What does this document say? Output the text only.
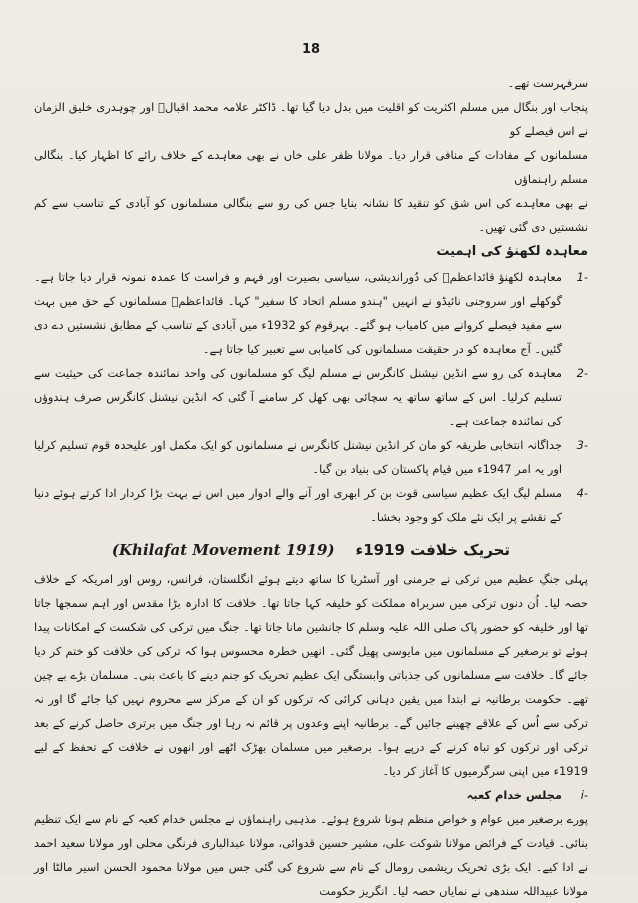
18

سرفہرست تھے۔

پنجاب اور بنگال میں مسلم اکثریت کو اقلیت میں بدل دیا گیا تھا۔ ڈاکٹر علامہ محمد اقبالؒ اور چوہدری خلیق الزمان نے اس فیصلے کو

مسلمانوں کے مفادات کے منافی قرار دیا۔ مولانا ظفر علی خاں نے بھی معاہدے کے خلاف رائے کا اظہار کیا۔ بنگالی مسلم راہنماؤں

نے بھی معاہدے کی اس شق کو تنقید کا نشانہ بنایا جس کی رو سے بنگالی مسلمانوں کو آبادی کے تناسب سے کم نشستیں دی گئی تھیں۔

معاہدہ لکھنؤ کی اہمیت
-1
معاہدہ لکھنؤ قائداعظمؒ کی دُوراندیشی، سیاسی بصیرت اور فہم و فراست کا عمدہ نمونہ قرار دیا جاتا ہے۔ گوکھلے اور سروجنی نائیڈو نے انہیں "ہندو مسلم اتحاد کا سفیر" کہا۔ قائداعظمؒ مسلمانوں کے حق میں بہت سے مفید فیصلے کروانے میں کامیاب ہو گئے۔ بہرقوم کو 1932ء میں آبادی کے تناسب کے مطابق نشستیں دے دی گئیں۔ آج معاہدہ کو در حقیقت مسلمانوں کی کامیابی سے تعبیر کیا جاتا ہے۔
-2
معاہدہ کی رو سے انڈین نیشنل کانگرس نے مسلم لیگ کو مسلمانوں کی واحد نمائندہ جماعت کی حیثیت سے تسلیم کرلیا۔ اس کے ساتھ ساتھ یہ سچائی بھی کھل کر سامنے آ گئی کہ انڈین نیشنل کانگرس صرف ہندوؤں کی نمائندہ جماعت ہے۔
-3
جداگانہ انتخابی طریقہ کو مان کر انڈین نیشنل کانگرس نے مسلمانوں کو ایک مکمل اور علیحدہ قوم تسلیم کرلیا اور یہ امر 1947ء میں قیام پاکستان کی بنیاد بن گیا۔
-4
مسلم لیگ ایک عظیم سیاسی قوت بن کر ابھری اور آنے والے ادوار میں اس نے بہت بڑا کردار ادا کرتے ہوئے دنیا کے نقشے پر ایک نئے ملک کو وجود بخشا۔
(Khilafat Movement 1919) تحریک خلافت 1919ء

پہلی جنگِ عظیم میں ترکی نے جرمنی اور آسٹریا کا ساتھ دیتے ہوئے انگلستان، فرانس، روس اور امریکہ کے خلاف حصہ لیا۔ اُن دنوں ترکی میں سربراہ مملکت کو خلیفہ کہا جاتا تھا۔ خلافت کا ادارہ بڑا مقدس اور اہم سمجھا جاتا تھا اور خلیفہ کو حضور پاک صلی اللہ علیہ وسلم کا جانشین مانا جاتا تھا۔ جنگ میں ترکی کی شکست کے امکانات پیدا ہوئے تو برصغیر کے مسلمانوں میں مایوسی پھیل گئی۔ انھیں خطرہ محسوس ہوا کہ ترکی کی خلافت کو ختم کر دیا جائے گا۔ خلافت سے مسلمانوں کی جذباتی وابستگی ایک عظیم تحریک کو جنم دینے کا باعث بنی۔ مسلمان بڑے بے چین تھے۔ حکومت برطانیہ نے ابتدا میں یقین دہانی کرائی کہ ترکوں کو ان کے مرکز سے محروم نہیں کیا جائے گا اور نہ ترکی سے اُس کے علاقے چھینے جائیں گے۔ برطانیہ اپنے وعدوں پر قائم نہ رہا اور جنگ میں برتری حاصل کرنے کے بعد ترکی اور ترکوں کو تباہ کرنے کے درپے ہوا۔ برصغیر میں مسلمان بھڑک اٹھے اور انھوں نے خلافت کے تحفظ کے لیے 1919ء میں اپنی سرگرمیوں کا آغاز کر دیا۔

-i
مجلس خدام کعبہ

پورے برصغیر میں عوام و خواص منظم ہونا شروع ہوئے۔ مذہبی راہنماؤں نے مجلس خدام کعبہ کے نام سے ایک تنظیم بنائی۔ قیادت کے فرائض مولانا شوکت علی، مشیر حسین قدوائی، مولانا عبدالباری فرنگی محلی اور مولانا سعید احمد نے ادا کیے۔ ایک بڑی تحریک ریشمی رومال کے نام سے شروع کی گئی جس میں مولانا محمود الحسن اسیر مالٹا اور مولانا عبیداللہ سندھی نے نمایاں حصہ لیا۔ انگریز حکومت
